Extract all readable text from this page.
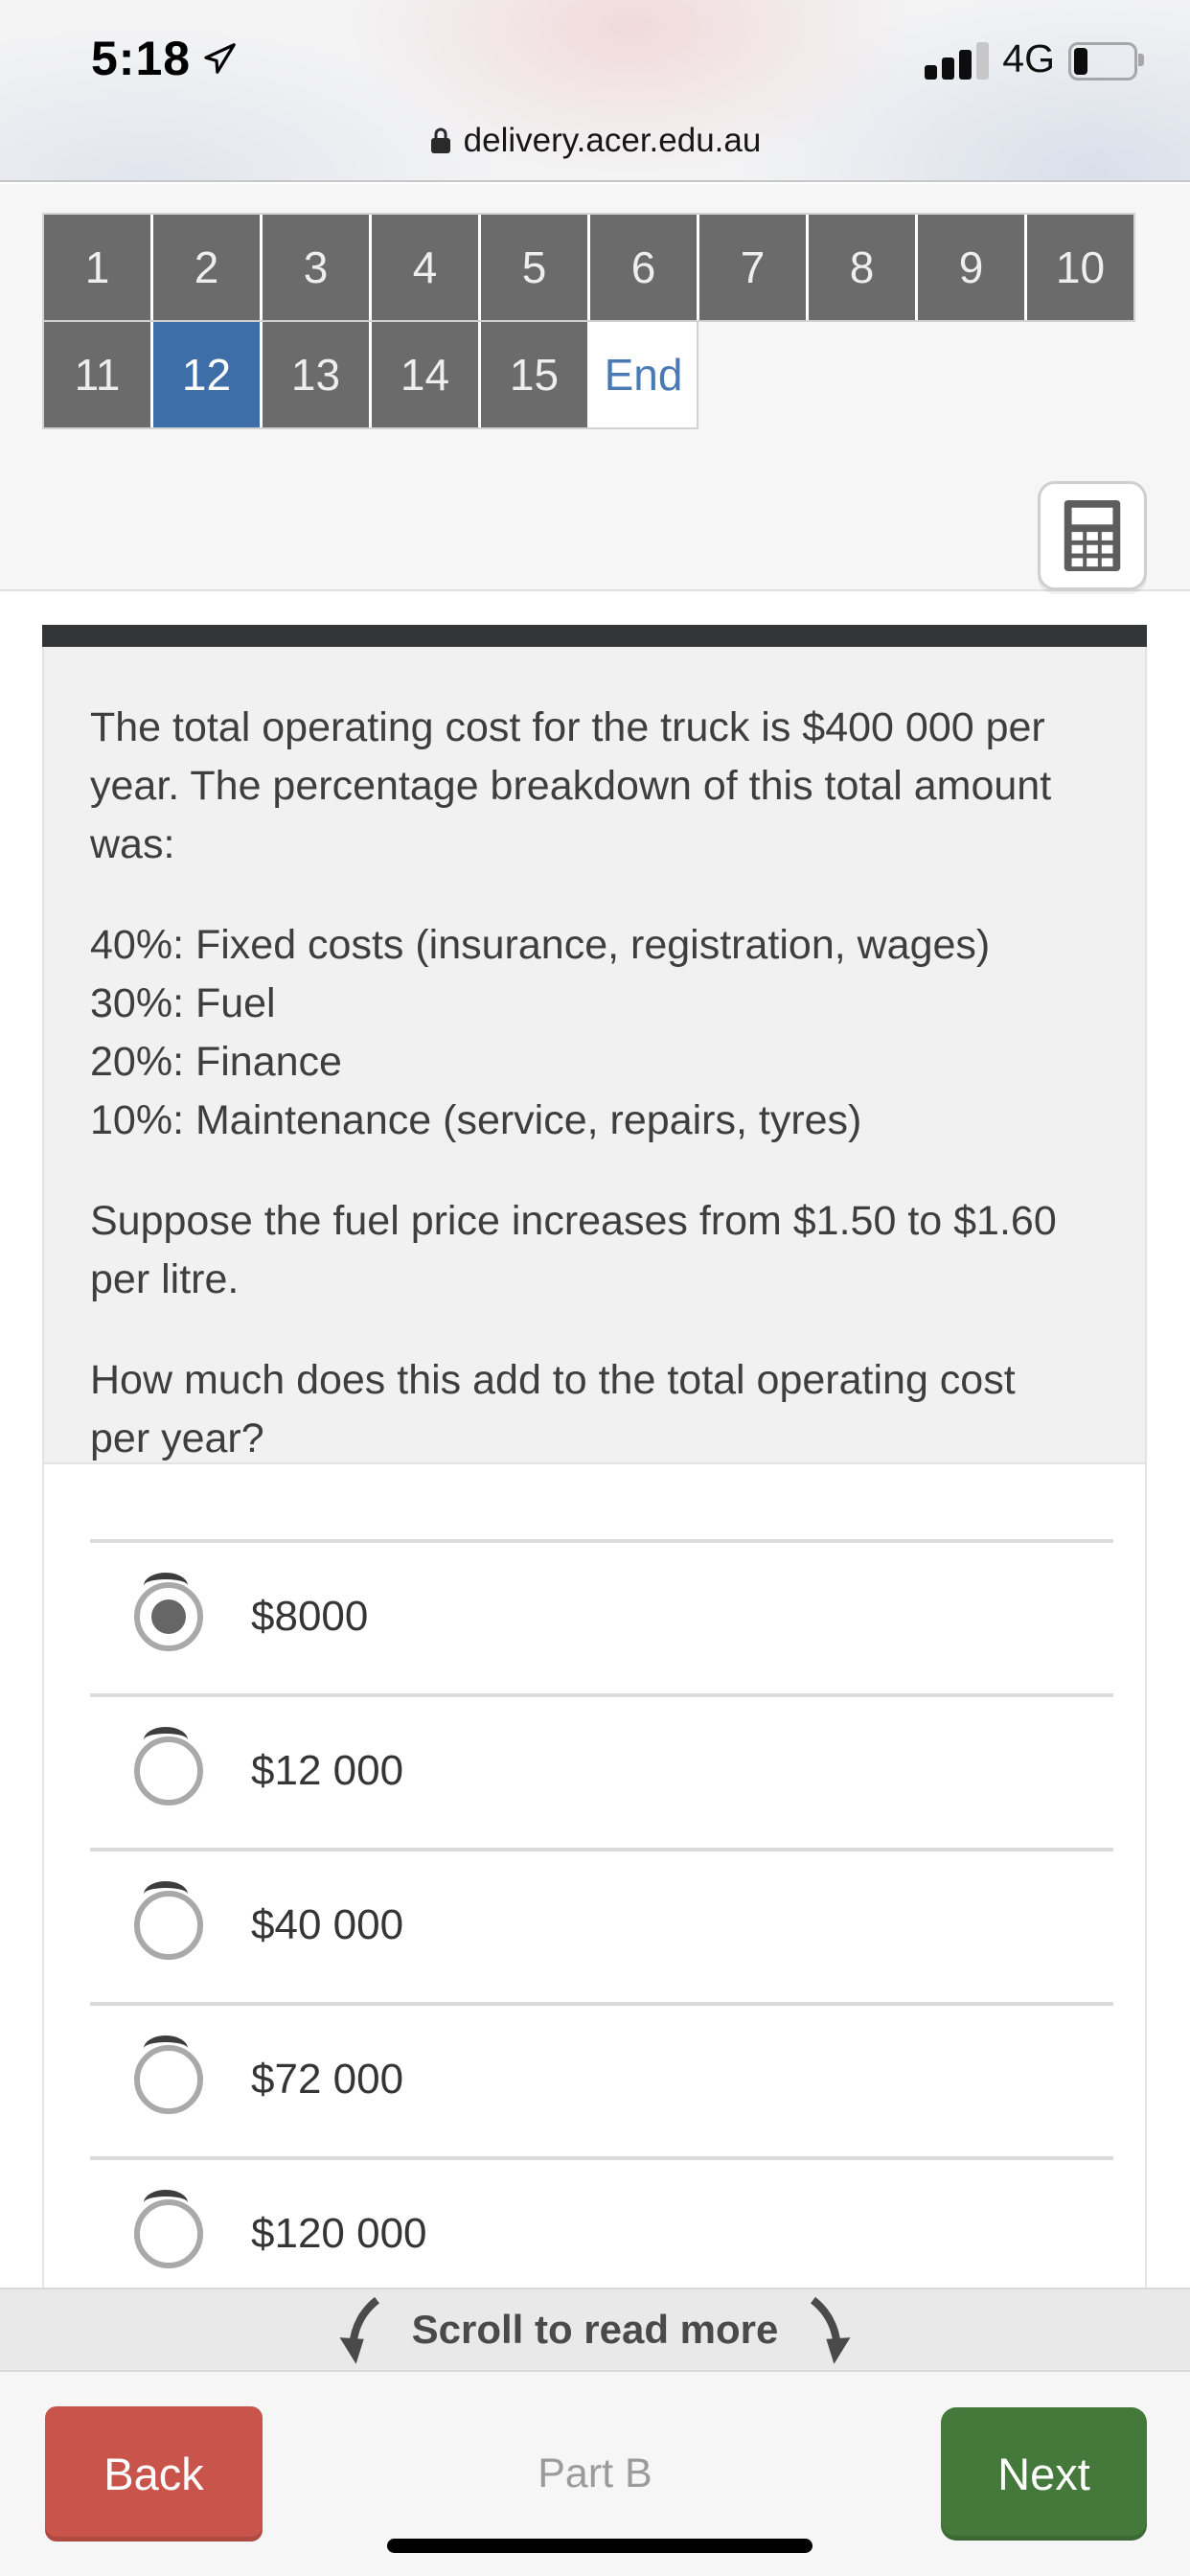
5:18	4G
delivery.acer.edu.au
1	2	3	4	5	6	7	8	9	10
11	12	13	14	15	End

The total operating cost for the truck is $400 000 per year. The percentage breakdown of this total amount was:

40%: Fixed costs (insurance, registration, wages)

30%: Fuel

20%: Finance

10%: Maintenance (service, repairs, tyres)

Suppose the fuel price increases from $1.50 to $1.60 per litre.

How much does this add to the total operating cost per year?

$8000
$12 000
$40 000
$72 000
$120 000
Scroll to read more
Back	Part B	Next
